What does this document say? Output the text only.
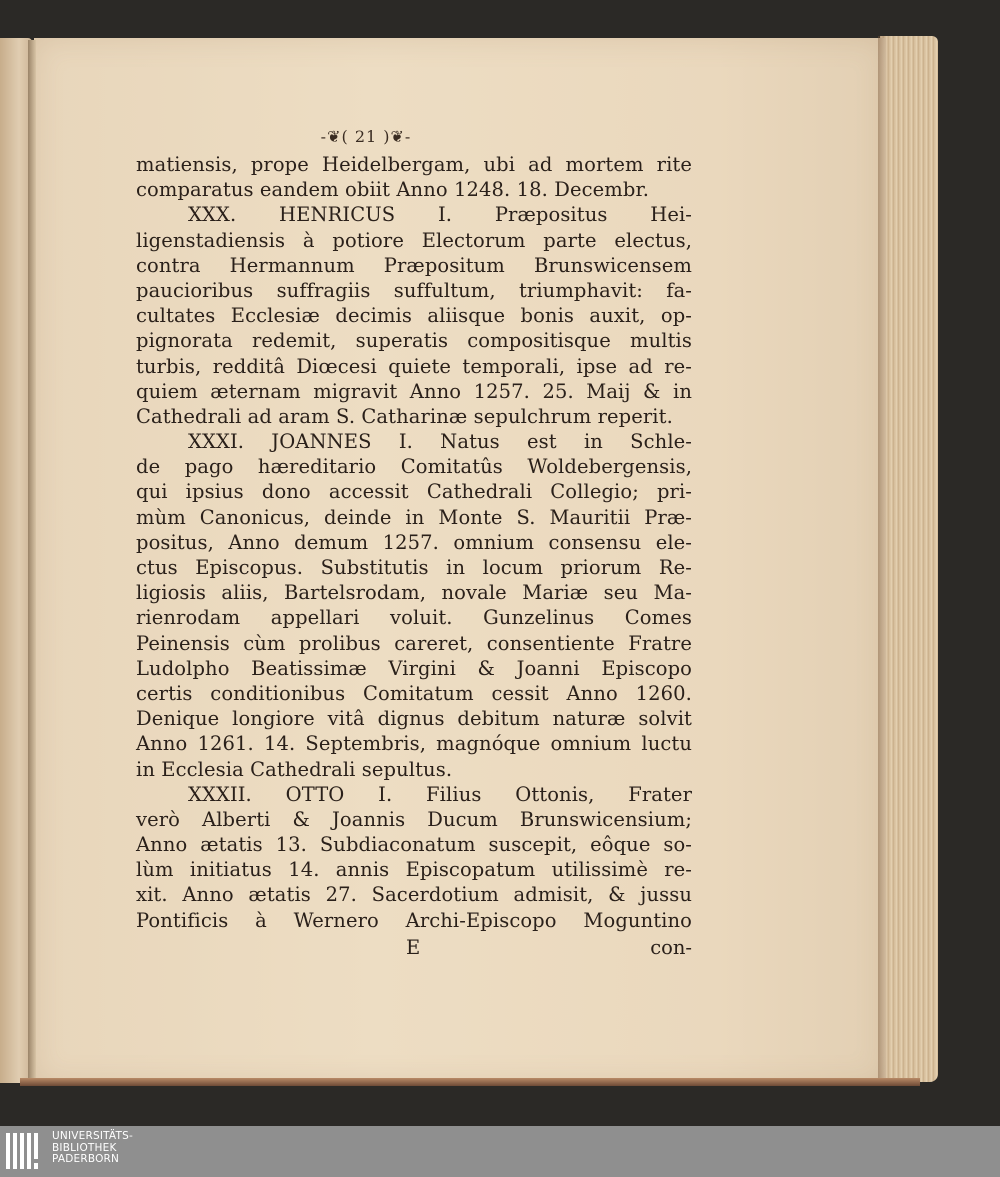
-❦( 21 )❦-
matiensis, prope Heidelbergam, ubi ad mortem rite
comparatus eandem obiit Anno 1248. 18. Decembr.
XXX. HENRICUS I. Præpositus Hei-
ligenstadiensis à potiore Electorum parte electus,
contra Hermannum Præpositum Brunswicensem
paucioribus suffragiis suffultum, triumphavit: fa-
cultates Ecclesiæ decimis aliisque bonis auxit, op-
pignorata redemit, superatis compositisque multis
turbis, redditâ Diœcesi quiete temporali, ipse ad re-
quiem æternam migravit Anno 1257. 25. Maij & in
Cathedrali ad aram S. Catharinæ sepulchrum reperit.
XXXI. JOANNES I. Natus est in Schle-
de pago hæreditario Comitatûs Woldebergensis,
qui ipsius dono accessit Cathedrali Collegio; pri-
mùm Canonicus, deinde in Monte S. Mauritii Præ-
positus, Anno demum 1257. omnium consensu ele-
ctus Episcopus. Substitutis in locum priorum Re-
ligiosis aliis, Bartelsrodam, novale Mariæ seu Ma-
rienrodam appellari voluit. Gunzelinus Comes
Peinensis cùm prolibus careret, consentiente Fratre
Ludolpho Beatissimæ Virgini & Joanni Episcopo
certis conditionibus Comitatum cessit Anno 1260.
Denique longiore vitâ dignus debitum naturæ solvit
Anno 1261. 14. Septembris, magnóque omnium luctu
in Ecclesia Cathedrali sepultus.
XXXII. OTTO I. Filius Ottonis, Frater
verò Alberti & Joannis Ducum Brunswicensium;
Anno ætatis 13. Subdiaconatum suscepit, eôque so-
lùm initiatus 14. annis Episcopatum utilissimè re-
xit. Anno ætatis 27. Sacerdotium admisit, & jussu
Pontificis à Wernero Archi-Episcopo Moguntino
E	con-
UNIVERSITÄTS-
BIBLIOTHEK
PADERBORN
